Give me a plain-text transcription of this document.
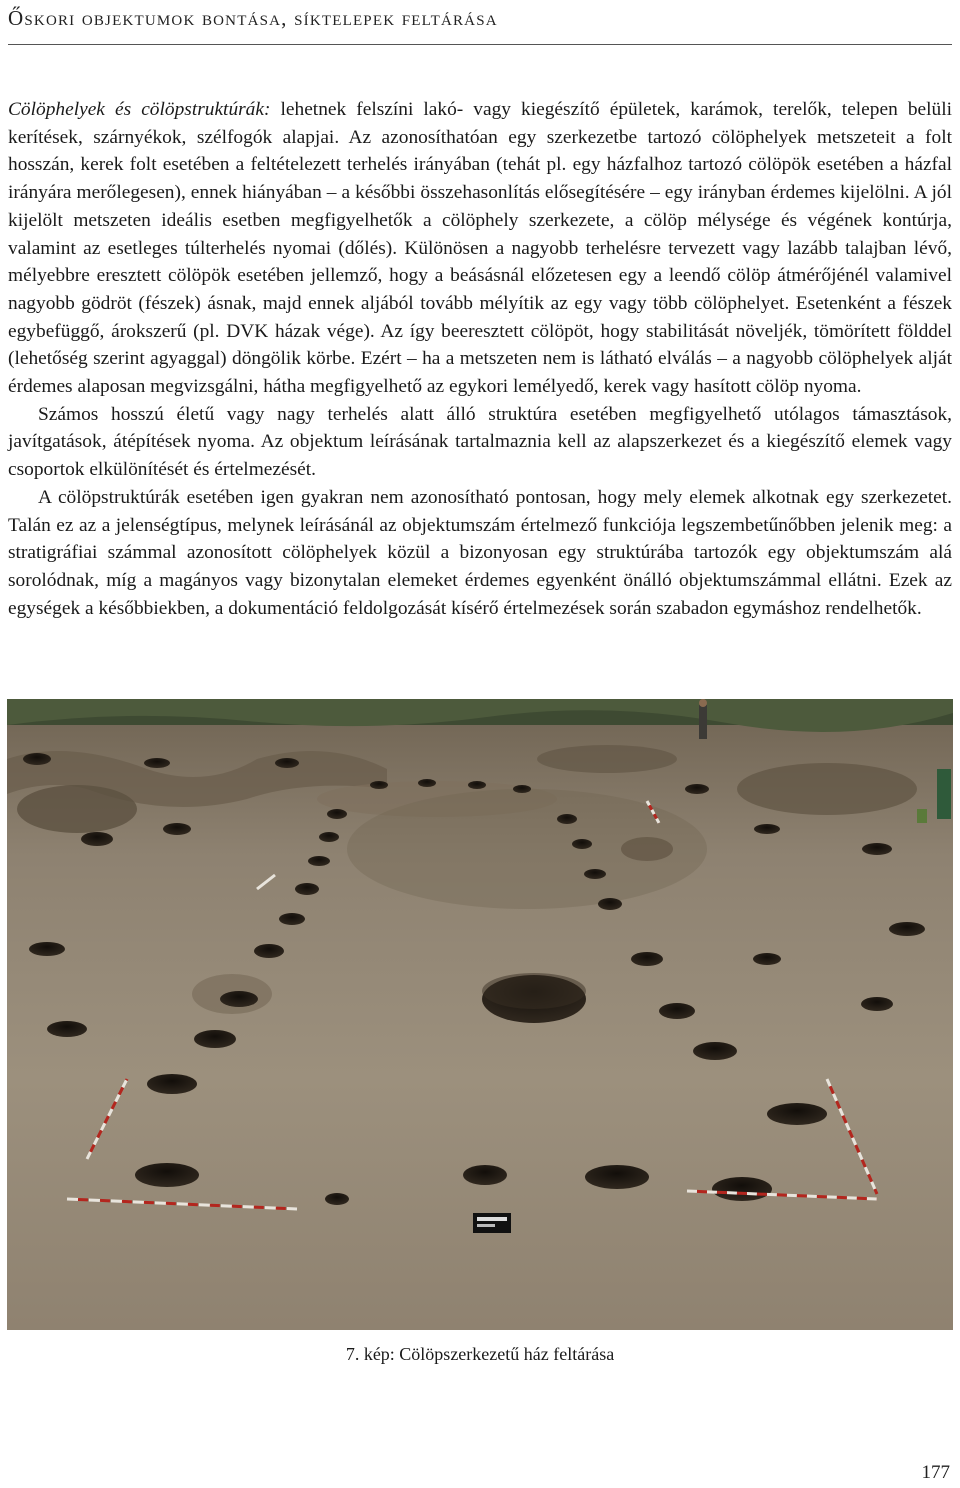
Őskori objektumok bontása, síktelepek feltárása

Cölöphelyek és cölöpstruktúrák: lehetnek felszíni lakó- vagy kiegészítő épületek, karámok, terelők, telepen belüli kerítések, szárnyékok, szélfogók alapjai. Az azonosíthatóan egy szerkezetbe tartozó cölöphelyek metszeteit a folt hosszán, kerek folt esetében a feltételezett terhelés irányában (tehát pl. egy házfalhoz tartozó cölöpök esetében a házfal irányára merőlegesen), ennek hiányában – a későbbi összehasonlítás elősegítésére – egy irányban érdemes kijelölni. A jól kijelölt metszeten ideális esetben megfigyelhetők a cölöphely szerkezete, a cölöp mélysége és végének kontúrja, valamint az esetleges túlterhelés nyomai (dőlés). Különösen a nagyobb terhelésre tervezett vagy lazább talajban lévő, mélyebbre eresztett cölöpök esetében jellemző, hogy a beásásnál előzetesen egy a leendő cölöp átmérőjénél valamivel nagyobb gödröt (fészek) ásnak, majd ennek aljából tovább mélyítik az egy vagy több cölöphelyet. Esetenként a fészek egybefüggő, árokszerű (pl. DVK házak vége). Az így beeresztett cölöpöt, hogy stabilitását növeljék, tömörített földdel (lehetőség szerint agyaggal) döngölik körbe. Ezért – ha a metszeten nem is látható elválás – a nagyobb cölöphelyek alját érdemes alaposan megvizsgálni, hátha megfigyelhető az egykori lemélyedő, kerek vagy hasított cölöp nyoma.

Számos hosszú életű vagy nagy terhelés alatt álló struktúra esetében megfigyelhető utólagos támasztások, javítgatások, átépítések nyoma. Az objektum leírásának tartalmaznia kell az alapszerkezet és a kiegészítő elemek vagy csoportok elkülönítését és értelmezését.

A cölöpstruktúrák esetében igen gyakran nem azonosítható pontosan, hogy mely elemek alkotnak egy szerkezetet. Talán ez az a jelenségtípus, melynek leírásánál az objektumszám értelmező funkciója legszembetűnőbben jelenik meg: a stratigráfiai számmal azonosított cölöphelyek közül a bizonyosan egy struktúrába tartozók egy objektumszám alá sorolódnak, míg a magányos vagy bizonytalan elemeket érdemes egyenként önálló objektumszámmal ellátni. Ezek az egységek a későbbiekben, a dokumentáció feldolgozását kísérő értelmezések során szabadon egymáshoz rendelhetők.

7. kép: Cölöpszerkezetű ház feltárása
177
